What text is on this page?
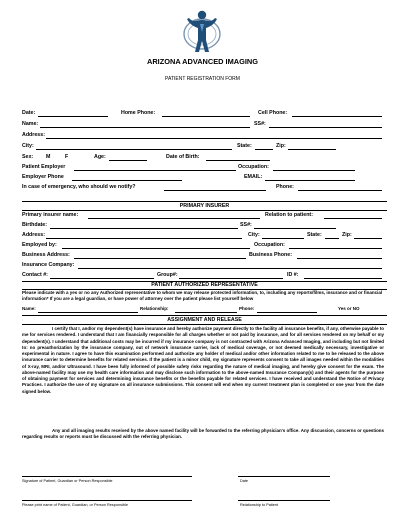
ARIZONA ADVANCED IMAGING
PATIENT REGISTRATION FORM
Date:	Home Phone:	Cell Phone:
Name:	SS#:
Address:
City:	State:	Zip:
Sex: M	F	Age:	Date of Birth:
Patient Employer	Occupation:
Employer Phone	EMAIL:
In case of emergency, who should we notify?	Phone:
PRIMARY INSURER
Primary insurer name:	Relation to patient:
Birthdate:	SS#:
Address:	City:	State:	Zip:
Employed by:	Occupation:
Business Address:	Business Phone:
Insurance Company:
Contact #:	Group#:	ID #:
PATIENT AUTHORIZED REPRESENTATIVE
Please indicate with a yes or no any Authorized representative to whom we may release protected information, to, including any reports/films, insurance and or financial information* If you are a legal guardian, or have power of attorney over the patient please list yourself below
Name:	Relationship:	Phone:	Yes or NO
ASSIGNMENT AND RELEASE
I certify that I, and/or my dependent(s) have insurance and hereby authorize payment directly to the facility all insurance benefits, if any, otherwise payable to me for services rendered. I understand that I am financially responsible for all charges whether or not paid by insurance, and for all services rendered on my behalf or my dependent(s). I understand that additional costs may be incurred if my insurance company is not contracted with Arizona Advanced Imaging, and including but not limited to: no preauthorization by the insurance company, out of network insurance carrier, lack of medical coverage, or not deemed medically necessary, investigative or experimental in nature. I agree to have this examination performed and authorize any holder of medical and/or other information related to me to be released to the above insurance carrier to determine benefits for related services. If the patient is a minor child, my signature represents consent to take all images needed within the modalities of X-ray, MRI, and/or Ultrasound. I have been fully informed of possible safety risks regarding the nature of medical imaging, and hereby give consent for the exam. The above-named facility may use my health care information and may disclose such information to the above-named Insurance Company(s) and their agents for the purpose of obtaining payment for services and determining insurance benefits or the benefits payable for related services. I have received and understand the Notice of Privacy Practices. I authorize the use of my signature on all insurance submissions. This consent will end when my current treatment plan is completed or one year from the date signed below.
Any and all imaging results received by the above named facility will be forwarded to the referring physician's office. Any discussion, concerns or questions regarding results or reports must be discussed with the referring physician.
Signature of Patient, Guardian or Person Responsible	Date
Please print name of Patient, Guardian, or Person Responsible	Relationship to Patient
